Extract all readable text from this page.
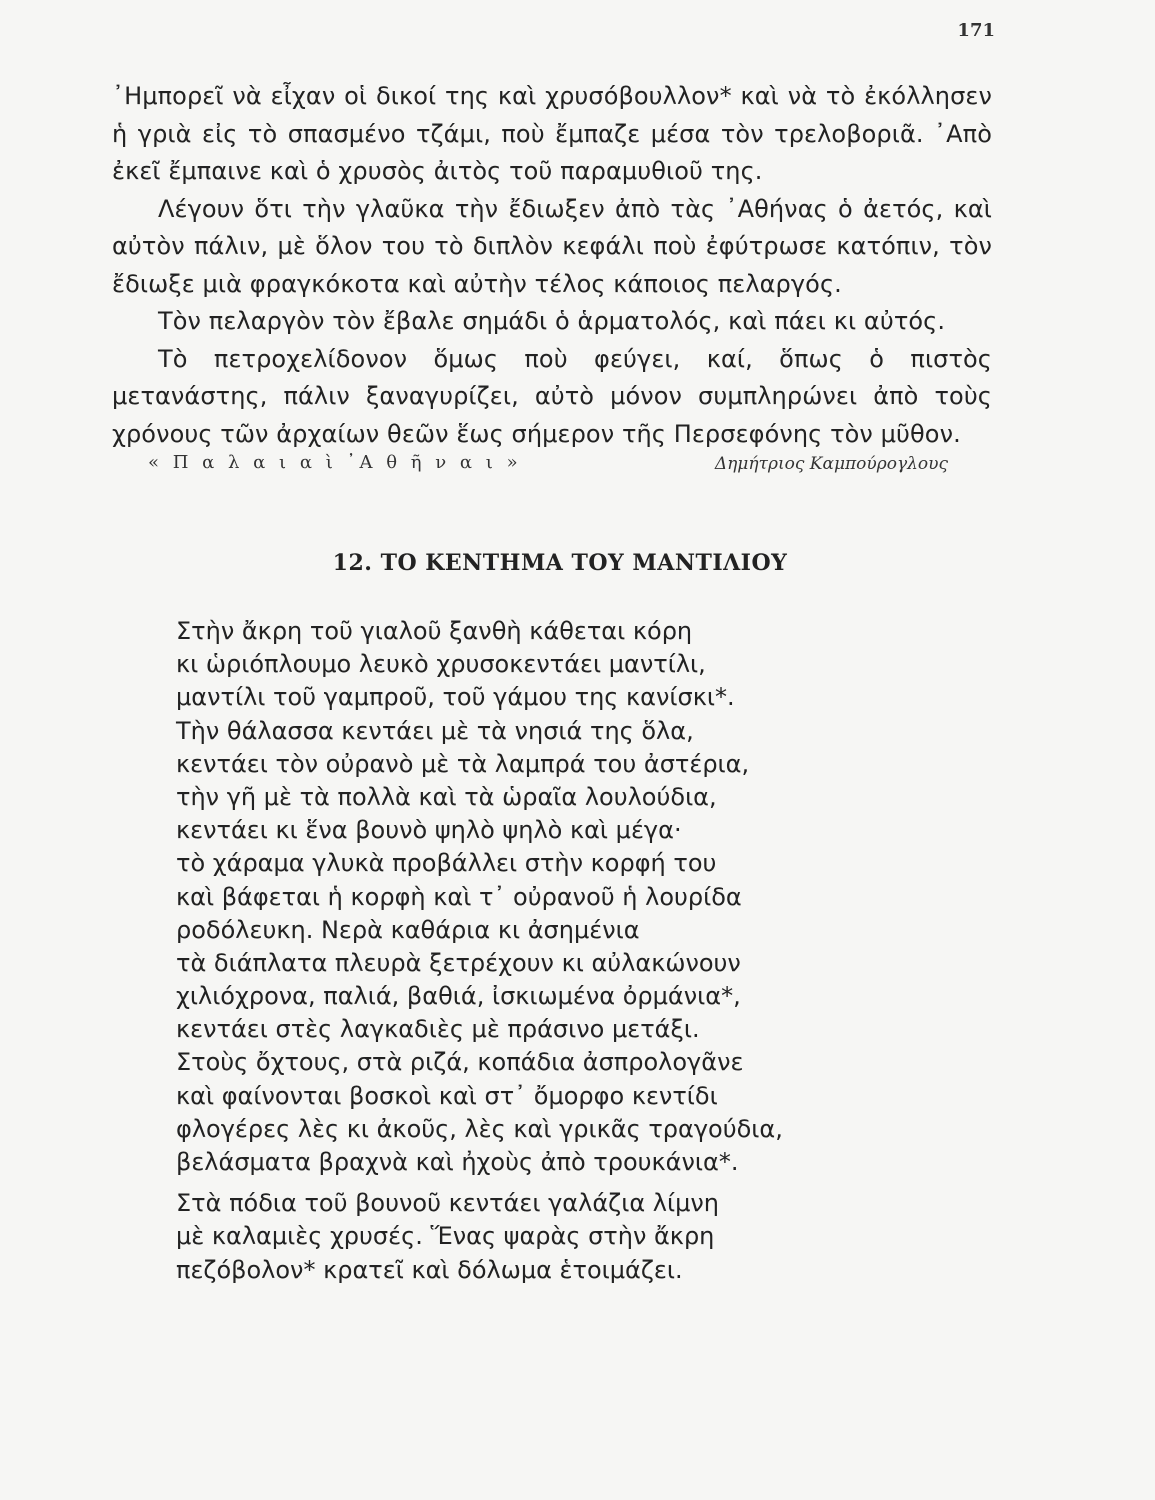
171

᾿Ημπορεῖ νὰ εἶχαν οἱ δικοί της καὶ χρυσόβουλλον* καὶ νὰ τὸ ἐκόλλησεν ἡ γριὰ εἰς τὸ σπασμένο τζάμι, ποὺ ἔμπαζε μέσα τὸν τρελοβοριᾶ. ᾿Απὸ ἐκεῖ ἔμπαινε καὶ ὁ χρυσὸς ἀιτὸς τοῦ παραμυθιοῦ της.

Λέγουν ὅτι τὴν γλαῦκα τὴν ἔδιωξεν ἀπὸ τὰς ᾿Αθήνας ὁ ἀετός, καὶ αὐτὸν πάλιν, μὲ ὅλον του τὸ διπλὸν κεφάλι ποὺ ἐφύτρωσε κατόπιν, τὸν ἔδιωξε μιὰ φραγκόκοτα καὶ αὐτὴν τέλος κάποιος πελαργός.

Τὸν πελαργὸν τὸν ἔβαλε σημάδι ὁ ἁρματολός, καὶ πάει κι αὐτός.

Τὸ πετροχελίδονον ὅμως ποὺ φεύγει, καί, ὅπως ὁ πιστὸς μετανάστης, πάλιν ξαναγυρίζει, αὐτὸ μόνον συμπληρώνει ἀπὸ τοὺς χρόνους τῶν ἀρχαίων θεῶν ἕως σήμερον τῆς Περσεφόνης τὸν μῦθον.

« Π α λ α ι α ὶ ᾿Α θ ῆ ν α ι »	Δημήτριος Καμπούρογλους
12. ΤΟ ΚΕΝΤΗΜΑ ΤΟΥ ΜΑΝΤΙΛΙΟΥ
Στὴν ἄκρη τοῦ γιαλοῦ ξανθὴ κάθεται κόρη
κι ὡριόπλουμο λευκὸ χρυσοκεντάει μαντίλι,
μαντίλι τοῦ γαμπροῦ, τοῦ γάμου της κανίσκι*.
Τὴν θάλασσα κεντάει μὲ τὰ νησιά της ὅλα,
κεντάει τὸν οὐρανὸ μὲ τὰ λαμπρά του ἀστέρια,
τὴν γῆ μὲ τὰ πολλὰ καὶ τὰ ὡραῖα λουλούδια,
κεντάει κι ἕνα βουνὸ ψηλὸ ψηλὸ καὶ μέγα·
τὸ χάραμα γλυκὰ προβάλλει στὴν κορφή του
καὶ βάφεται ἡ κορφὴ καὶ τ᾿ οὐρανοῦ ἡ λουρίδα
ροδόλευκη. Νερὰ καθάρια κι ἀσημένια
τὰ διάπλατα πλευρὰ ξετρέχουν κι αὐλακώνουν
χιλιόχρονα, παλιά, βαθιά, ἰσκιωμένα ὀρμάνια*,
κεντάει στὲς λαγκαδιὲς μὲ πράσινο μετάξι.
Στοὺς ὄχτους, στὰ ριζά, κοπάδια ἀσπρολογᾶνε
καὶ φαίνονται βοσκοὶ καὶ στ᾿ ὄμορφο κεντίδι
φλογέρες λὲς κι ἀκοῦς, λὲς καὶ γρικᾶς τραγούδια,
βελάσματα βραχνὰ καὶ ἠχοὺς ἀπὸ τρουκάνια*.
Στὰ πόδια τοῦ βουνοῦ κεντάει γαλάζια λίμνη
μὲ καλαμιὲς χρυσές. Ἕνας ψαρὰς στὴν ἄκρη
πεζόβολον* κρατεῖ καὶ δόλωμα ἑτοιμάζει.
